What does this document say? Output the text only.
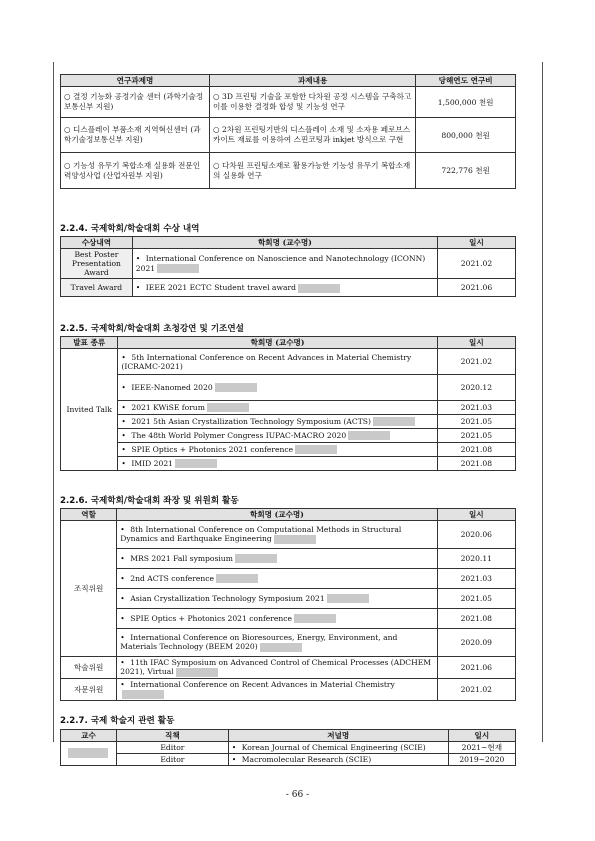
연구과제명	과제내용	당해연도 연구비
○ 결정 기능화 공정기술 센터 (과학기술정보통신부 지원)	○ 3D 프린팅 기술을 포함한 다차원 공정 시스템을 구축하고 이를 이용한 결정화 합성 및 기능성 연구	1,500,000 천원
○ 디스플레이 부품소재 지역혁신센터 (과학기술정보통신부 지원)	○ 2차원 프린팅기반의 디스플레이 소재 및 소자용 페로브스카이트 재료를 이용하여 스핀코팅과 inkjet 방식으로 구현	800,000 천원
○ 기능성 유무기 복합소재 실용화 전문인력양성사업 (산업자원부 지원)	○ 다차원 프린팅소재로 활용가능한 기능성 유무기 복합소재의 실용화 연구	722,776 천원
2.2.4. 국제학회/학술대회 수상 내역
수상내역	학회명 (교수명)	일시
Best Poster Presentation Award	• International Conference on Nanoscience and Nanotechnology (ICONN) 2021	2021.02
Travel Award	• IEEE 2021 ECTC Student travel award	2021.06
2.2.5. 국제학회/학술대회 초청강연 및 기조연설
발표 종류	학회명 (교수명)	일시
Invited Talk	• 5th International Conference on Recent Advances in Material Chemistry (ICRAMC-2021)	2021.02
	• IEEE-Nanomed 2020	2020.12
	• 2021 KWiSE forum	2021.03
	• 2021 5th Asian Crystallization Technology Symposium (ACTS)	2021.05
	• The 48th World Polymer Congress IUPAC-MACRO 2020	2021.05
	• SPIE Optics + Photonics 2021 conference	2021.08
	• IMID 2021	2021.08
2.2.6. 국제학회/학술대회 좌장 및 위원회 활동
역할	학회명 (교수명)	일시
조직위원	• 8th International Conference on Computational Methods in Structural Dynamics and Earthquake Engineering	2020.06
	• MRS 2021 Fall symposium	2020.11
	• 2nd ACTS conference	2021.03
	• Asian Crystallization Technology Symposium 2021	2021.05
	• SPIE Optics + Photonics 2021 conference	2021.08
	• International Conference on Bioresources, Energy, Environment, and Materials Technology (BEEM 2020)	2020.09
학술위원	• 11th IFAC Symposium on Advanced Control of Chemical Processes (ADCHEM 2021), Virtual	2021.06
자문위원	• International Conference on Recent Advances in Material Chemistry	2021.02
2.2.7. 국제 학술지 관련 활동
교수	직책	저널명	일시
	Editor	• Korean Journal of Chemical Engineering (SCIE)	2021~현재
	Editor	• Macromolecular Research (SCIE)	2019~2020
- 66 -
